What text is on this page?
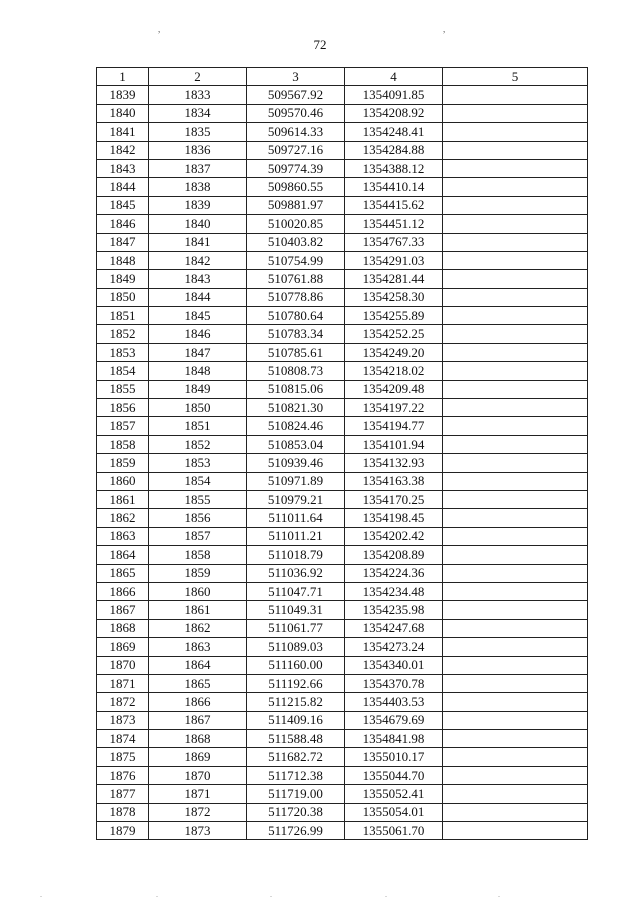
,	,
72
1	2	3	4	5
1839	1833	509567.92	1354091.85	
1840	1834	509570.46	1354208.92	
1841	1835	509614.33	1354248.41	
1842	1836	509727.16	1354284.88	
1843	1837	509774.39	1354388.12	
1844	1838	509860.55	1354410.14	
1845	1839	509881.97	1354415.62	
1846	1840	510020.85	1354451.12	
1847	1841	510403.82	1354767.33	
1848	1842	510754.99	1354291.03	
1849	1843	510761.88	1354281.44	
1850	1844	510778.86	1354258.30	
1851	1845	510780.64	1354255.89	
1852	1846	510783.34	1354252.25	
1853	1847	510785.61	1354249.20	
1854	1848	510808.73	1354218.02	
1855	1849	510815.06	1354209.48	
1856	1850	510821.30	1354197.22	
1857	1851	510824.46	1354194.77	
1858	1852	510853.04	1354101.94	
1859	1853	510939.46	1354132.93	
1860	1854	510971.89	1354163.38	
1861	1855	510979.21	1354170.25	
1862	1856	511011.64	1354198.45	
1863	1857	511011.21	1354202.42	
1864	1858	511018.79	1354208.89	
1865	1859	511036.92	1354224.36	
1866	1860	511047.71	1354234.48	
1867	1861	511049.31	1354235.98	
1868	1862	511061.77	1354247.68	
1869	1863	511089.03	1354273.24	
1870	1864	511160.00	1354340.01	
1871	1865	511192.66	1354370.78	
1872	1866	511215.82	1354403.53	
1873	1867	511409.16	1354679.69	
1874	1868	511588.48	1354841.98	
1875	1869	511682.72	1355010.17	
1876	1870	511712.38	1355044.70	
1877	1871	511719.00	1355052.41	
1878	1872	511720.38	1355054.01	
1879	1873	511726.99	1355061.70	
.	.	.	.	.
